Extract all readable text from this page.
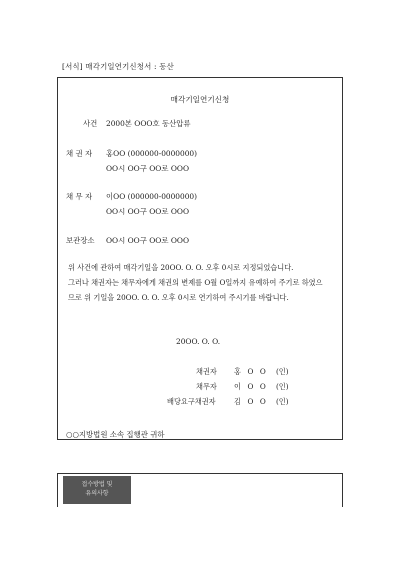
[서식] 매각기일연기신청서 : 동산
매각기일연기신청
사건 2000본 OOO호 동산압류
채 권 자 홍OO (000000-0000000)
OO시 OO구 OO로 OOO
채 무 자 이OO (000000-0000000)
OO시 OO구 OO로 OOO
보관장소 OO시 OO구 OO로 OOO
위 사건에 관하여 매각기일을 20OO. O. O. 오후 0시로 지정되었습니다.
그러나 채권자는 채무자에게 채권의 변제를 O월 O일까지 유예하여 주기로 하였으
므로 위 기일을 20OO. O. O. 오후 0시로 연기하여 주시기를 바랍니다.
20OO. O. O.
채권자 홍OO (인)
채무자 이OO (인)
배당요구채권자	김OO (인)
○○지방법원 소속 집행관 귀하
접수방법 및
유의사항
